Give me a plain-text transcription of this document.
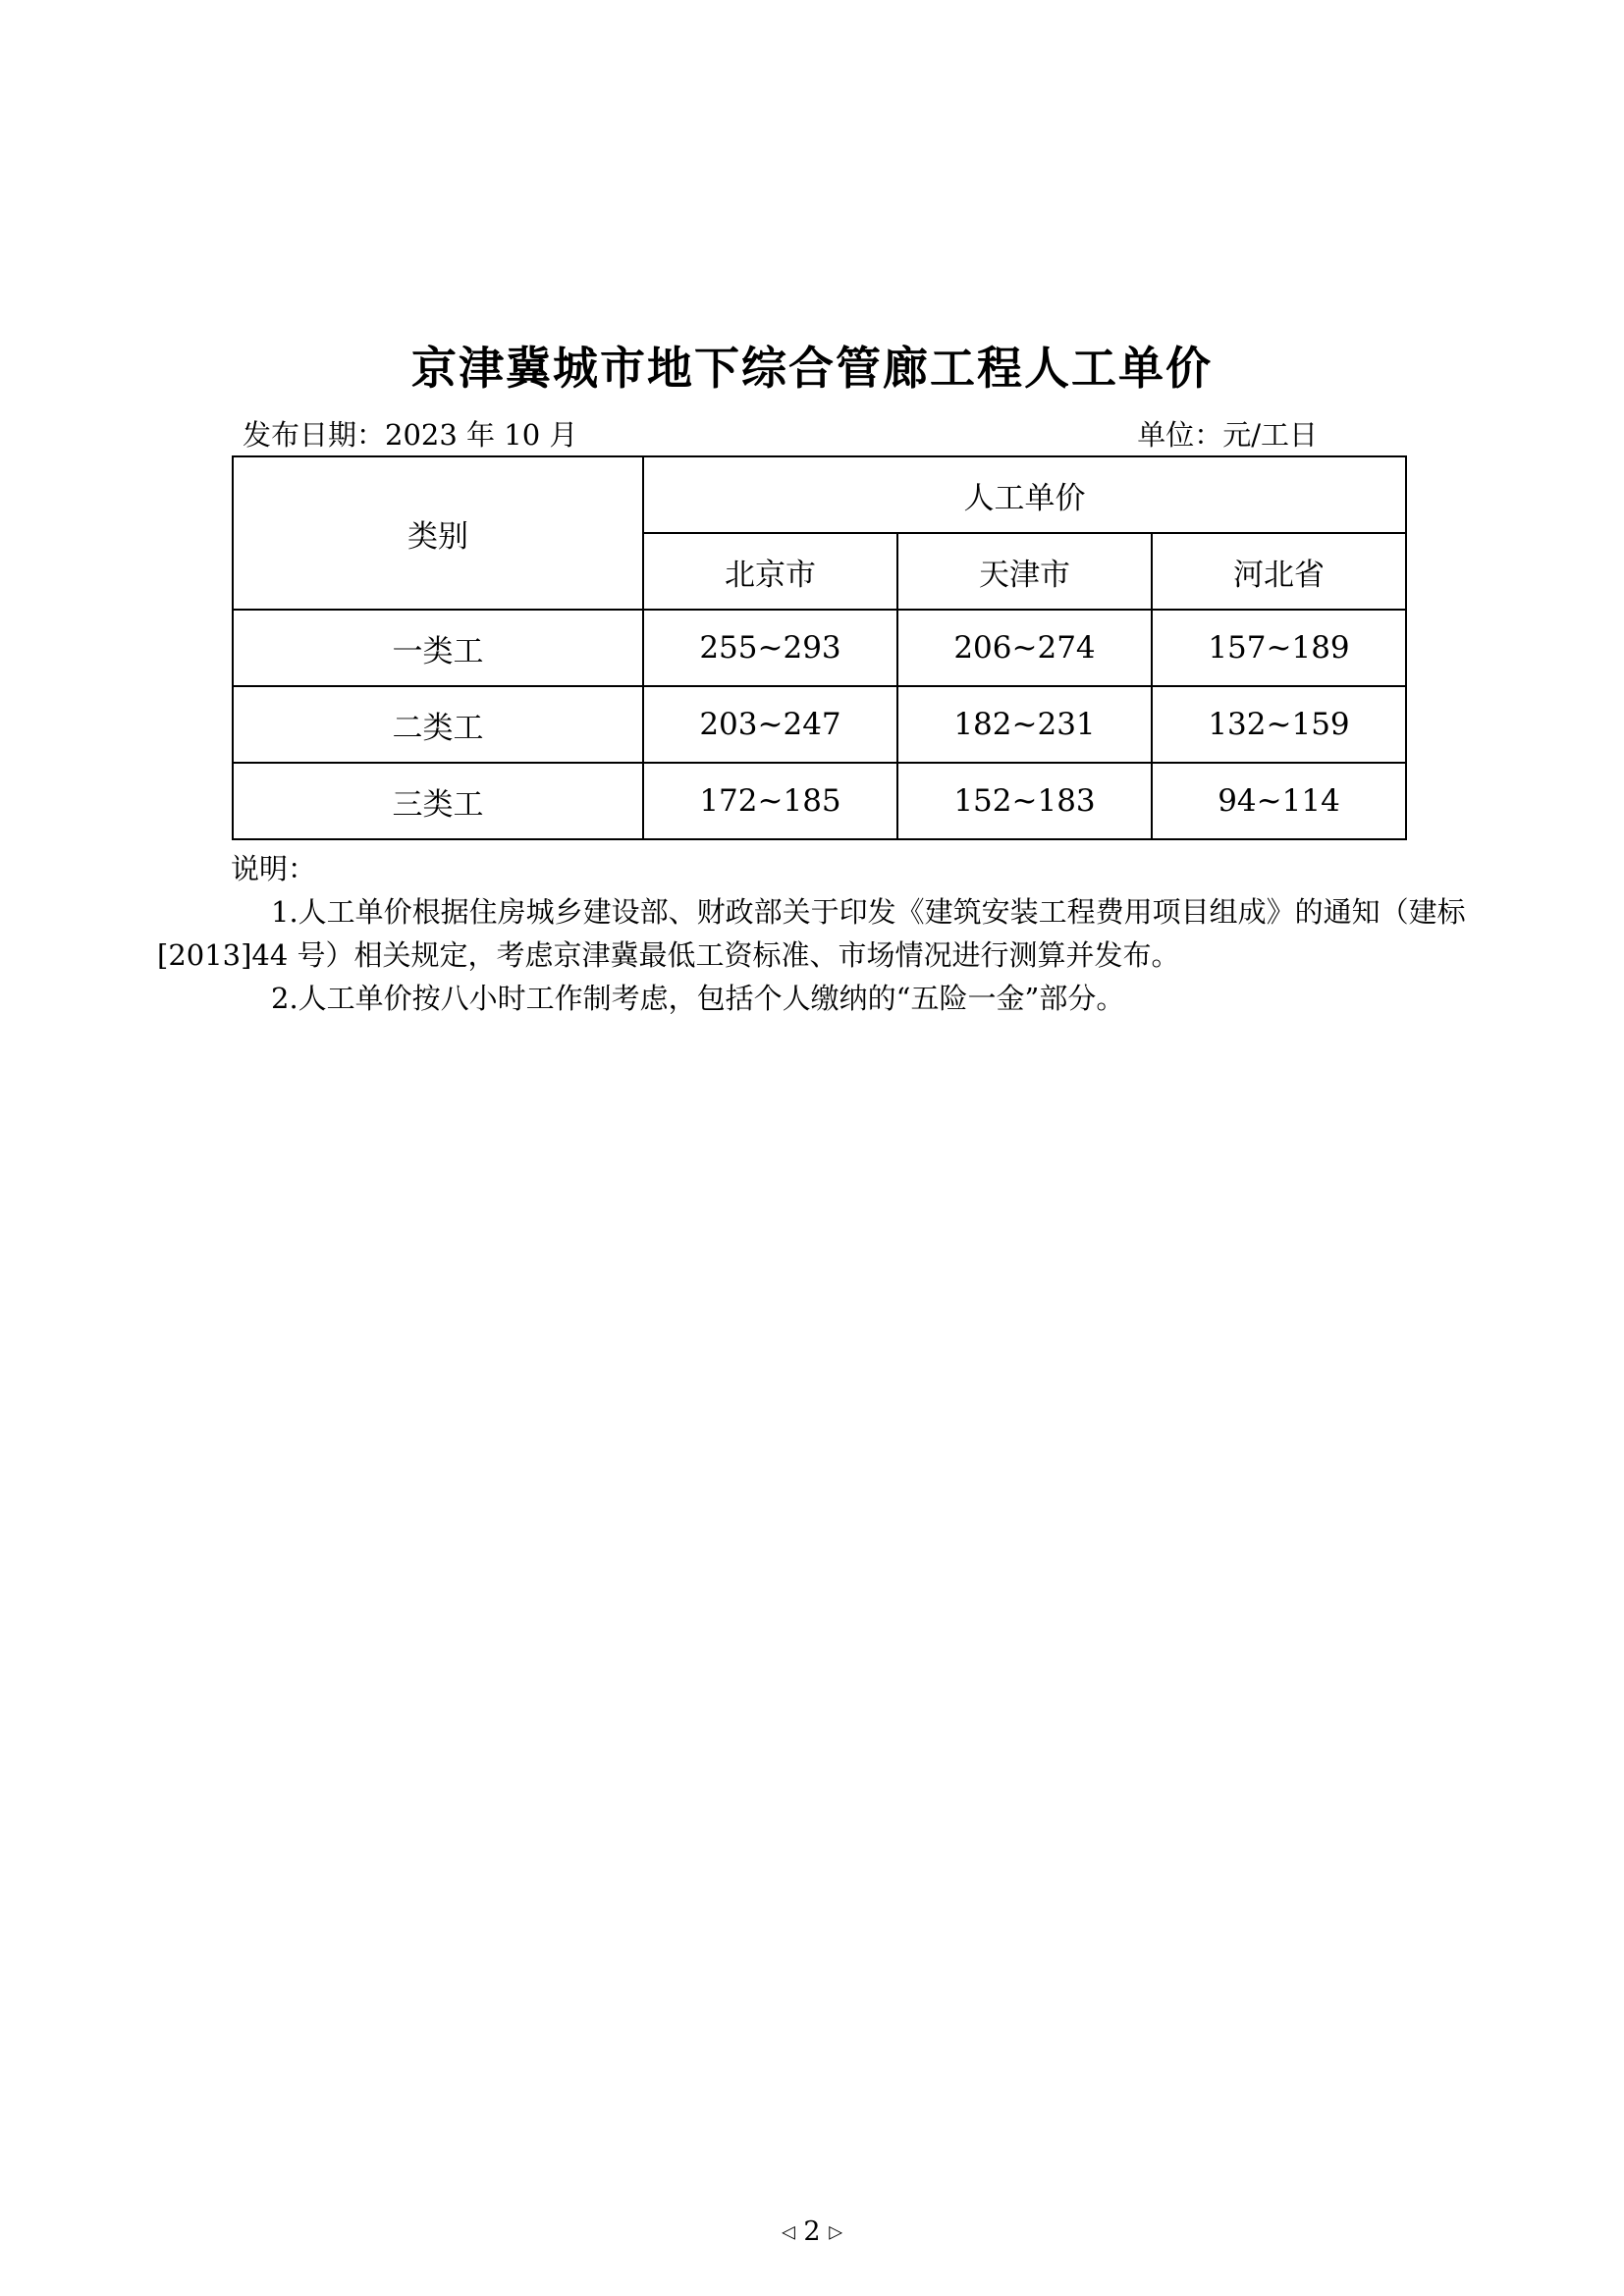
京津冀城市地下综合管廊工程人工单价
发布日期：2023 年 10 月	单位：元/工日
类别	人工单价		
	北京市	天津市	河北省
一类工	255~293	206~274	157~189
二类工	203~247	182~231	132~159
三类工	172~185	152~183	94~114
说明：

1.人工单价根据住房城乡建设部、财政部关于印发《建筑安装工程费用项目组成》的通知（建标[2013]44 号）相关规定，考虑京津冀最低工资标准、市场情况进行测算并发布。

2.人工单价按八小时工作制考虑，包括个人缴纳的“五险一金”部分。

◁ 2 ▷
